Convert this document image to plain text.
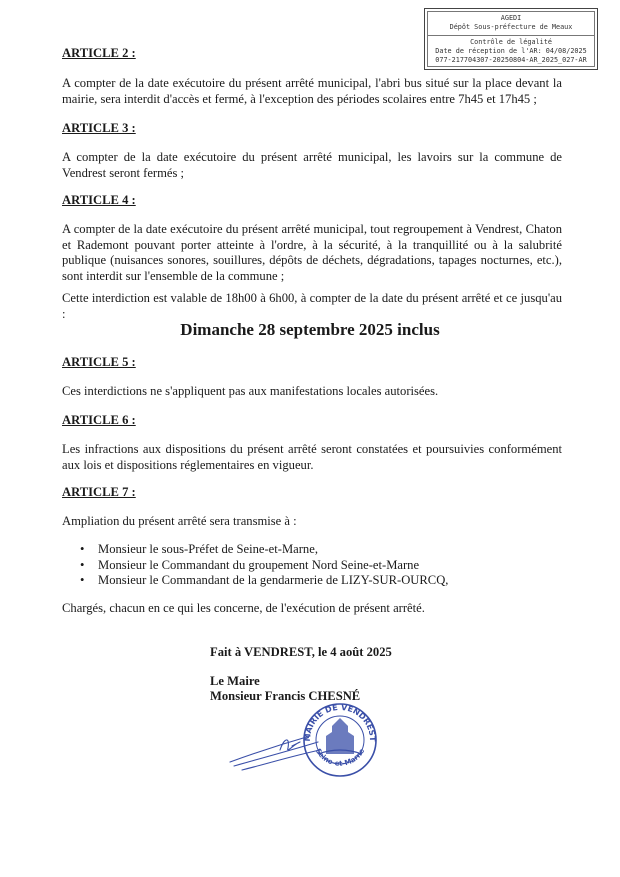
AGEDI
Dépôt Sous-préfecture de Meaux
Contrôle de légalité
Date de réception de l'AR: 04/08/2025
077-217704307-20250804-AR_2025_027-AR
ARTICLE 2 :
A compter de la date exécutoire du présent arrêté municipal, l'abri bus situé sur la place devant la mairie, sera interdit d'accès et fermé, à l'exception des périodes scolaires entre 7h45 et 17h45 ;
ARTICLE 3 :
A compter de la date exécutoire du présent arrêté municipal, les lavoirs sur la commune de Vendrest seront fermés ;
ARTICLE 4 :
A compter de la date exécutoire du présent arrêté municipal, tout regroupement à Vendrest, Chaton et Rademont pouvant porter atteinte à l'ordre, à la sécurité, à la tranquillité ou à la salubrité publique (nuisances sonores, souillures, dépôts de déchets, dégradations, tapages nocturnes, etc.), sont interdit sur l'ensemble de la commune ;
Cette interdiction est valable de 18h00 à 6h00, à compter de la date du présent arrêté et ce jusqu'au :
Dimanche 28 septembre 2025 inclus
ARTICLE 5 :
Ces interdictions ne s'appliquent pas aux manifestations locales autorisées.
ARTICLE 6 :
Les infractions aux dispositions du présent arrêté seront constatées et poursuivies conformément aux lois et dispositions réglementaires en vigueur.
ARTICLE 7 :
Ampliation du présent arrêté sera transmise à :
• Monsieur le sous-Préfet de Seine-et-Marne,
• Monsieur le Commandant du groupement Nord Seine-et-Marne
• Monsieur le Commandant de la gendarmerie de LIZY-SUR-OURCQ,
Chargés, chacun en ce qui les concerne, de l'exécution de présent arrêté.
Fait à VENDREST, le 4 août 2025
Le Maire
Monsieur Francis CHESNÉ
MAIRIE DE VENDREST
Seine-et-Marne
